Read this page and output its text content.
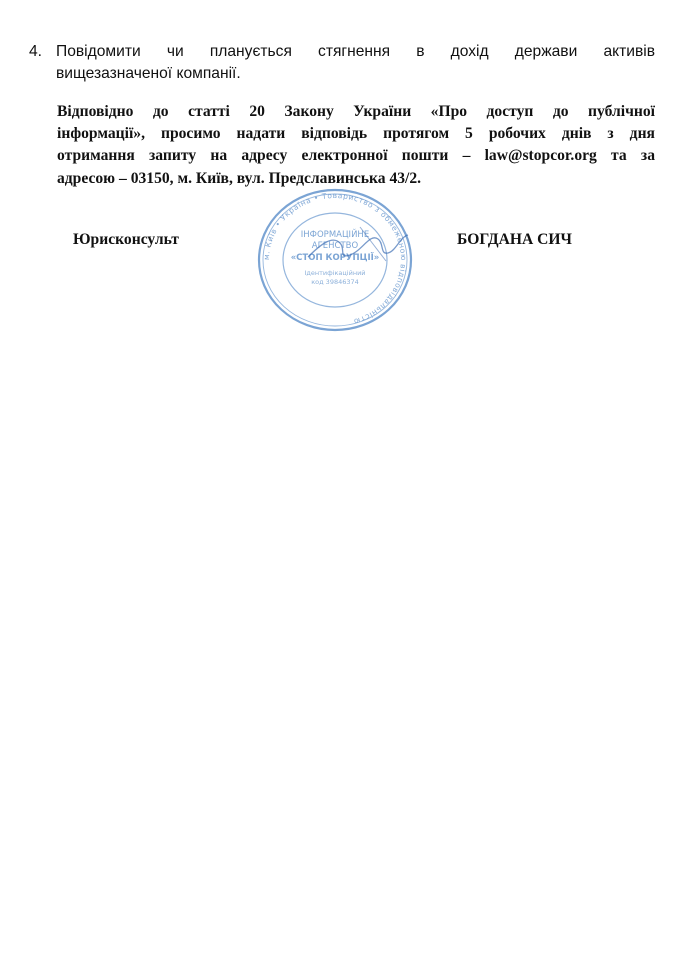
4. Повідомити чи планується стягнення в дохід держави активів
вищезазначеної компанії.
Відповідно до статті 20 Закону України «Про доступ до публічної
інформації», просимо надати відповідь протягом 5 робочих днів з дня
отримання запиту на адресу електронної пошти – law@stopcor.org та за
адресою – 03150, м. Київ, вул. Предславинська 43/2.
м. Київ • Україна • Товариство з обмеженою відповідальністю
ІНФОРМАЦІЙНЕ
АГЕНСТВО
«СТОП КОРУПЦІЇ»
Ідентифікаційний
код 39846374
Юрисконсульт	БОГДАНА СИЧ
